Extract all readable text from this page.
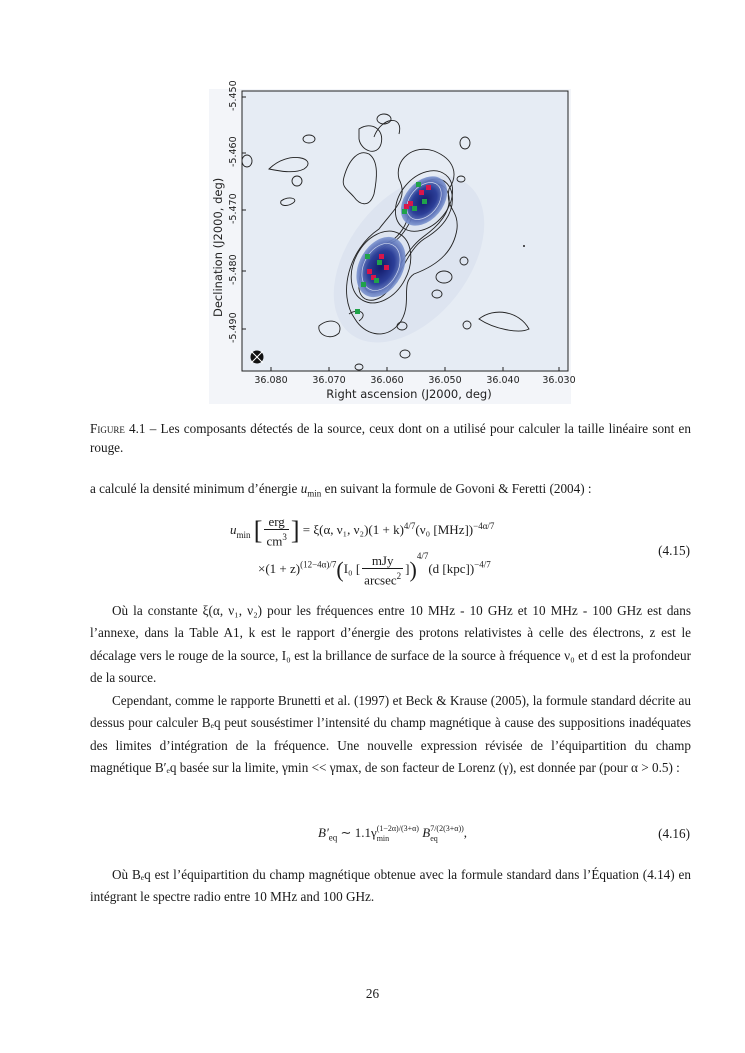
-5.450
-5.460
-5.470
-5.480
-5.490
Declination (J2000, deg)
36.080	36.070	36.060	36.050	36.040 36.030
Right ascension (J2000, deg)
Figure 4.1 – Les composants détectés de la source, ceux dont on a utilisé pour calculer la taille linéaire sont en rouge.
a calculé la densité minimum d’énergie $u_{min}$ en suivant la formule de Govoni & Feretti (2004) :
$u_{min}$ [ $\frac{\text{erg}}{cm^3}$ ] = ξ(α, ν₁, $\nu_2)(1 + k)^{4/7}(\nu_0$ [MHz])$^{-4\alpha/7}$
$\times(1 + z)^{(12-4\alpha)/7}(I_0$ [ $\frac{\text{mJy}}{arcsec^2} ])^{4/7}(d$ [kpc])$^{-4/7}$
(4.15)
Où la constante ξ(α, ν₁, ν₂) pour les fréquences entre 10 MHz - 10 GHz et 10 MHz - 100 GHz est dans l’annexe, dans la Table A1, k est le rapport d’énergie des protons relativistes à celle des électrons, z est le décalage vers le rouge de la source, I₀ est la brillance de surface de la source à fréquence ν₀ et d est la profondeur de la source.
Cependant, comme le rapporte Brunetti et al. (1997) et Beck & Krause (2005), la formule standard décrite au dessus pour calculer Bₑq peut souséstimer l’intensité du champ magnétique à cause des suppositions inadéquates des limites d’intégration de la fréquence. Une nouvelle expression révisée de l’équipartition du champ magnétique B′ₑq basée sur la limite, γmin << γmax, de son facteur de Lorenz (γ), est donnée par (pour α > 0.5) :
$B'_{eq}$ ∼ 1.1γ (1−2α)/(3+α)
min	B 7/(2(3+α))
eq	,	(4.16)
Où Bₑq est l’équipartition du champ magnétique obtenue avec la formule standard dans l’Équation (4.14) en intégrant le spectre radio entre 10 MHz and 100 GHz.
26
